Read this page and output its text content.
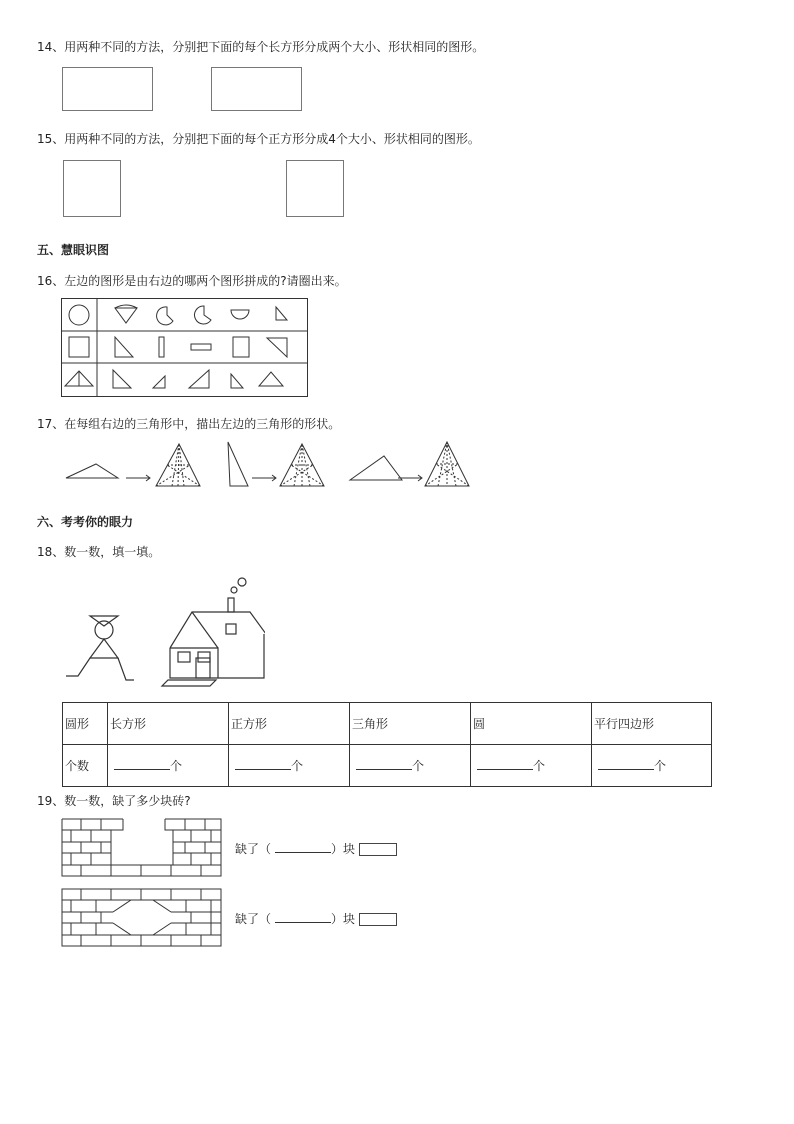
14、用两种不同的方法，分别把下面的每个长方形分成两个大小、形状相同的图形。
15、用两种不同的方法，分别把下面的每个正方形分成4个大小、形状相同的图形。
五、慧眼识图
16、左边的图形是由右边的哪两个图形拼成的?请圈出来。
17、在每组右边的三角形中，描出左边的三角形的形状。
六、考考你的眼力
18、数一数，填一填。
圆形	长方形	正方形	三角形	圆	平行四边形
个数	个	个	个	个	个
19、数一数，缺了多少块砖?
缺了（	）块
缺了（	）块
